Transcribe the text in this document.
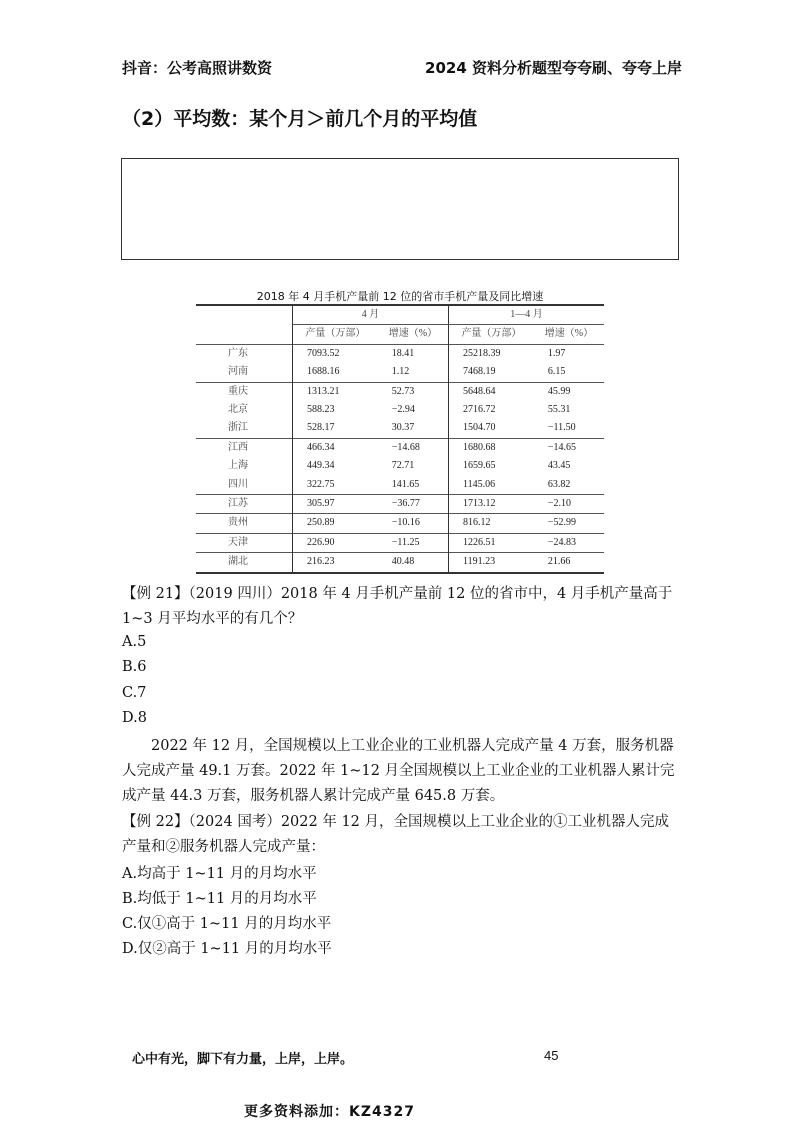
抖音：公考高照讲数资	2024 资料分析题型夸夸刷、夸夸上岸
（2）平均数：某个月＞前几个月的平均值
2018 年 4 月手机产量前 12 位的省市手机产量及同比增速
	4 月		1—4 月	
	产量（万部）	增速（%）	产量（万部）	增速（%）
广东	7093.52	18.41	25218.39	1.97
河南	1688.16	1.12	7468.19	6.15
重庆	1313.21	52.73	5648.64	45.99
北京	588.23	−2.94	2716.72	55.31
浙江	528.17	30.37	1504.70	−11.50
江西	466.34	−14.68	1680.68	−14.65
上海	449.34	72.71	1659.65	43.45
四川	322.75	141.65	1145.06	63.82
江苏	305.97	−36.77	1713.12	−2.10
贵州	250.89	−10.16	816.12	−52.99
天津	226.90	−11.25	1226.51	−24.83
湖北	216.23	40.48	1191.23	21.66
【例 21】（2019 四川）2018 年 4 月手机产量前 12 位的省市中，4 月手机产量高于 1~3 月平均水平的有几个？
A.5
B.6
C.7
D.8
2022 年 12 月，全国规模以上工业企业的工业机器人完成产量 4 万套，服务机器人完成产量 49.1 万套。2022 年 1~12 月全国规模以上工业企业的工业机器人累计完成产量 44.3 万套，服务机器人累计完成产量 645.8 万套。
【例 22】（2024 国考）2022 年 12 月，全国规模以上工业企业的①工业机器人完成产量和②服务机器人完成产量：
A.均高于 1~11 月的月均水平
B.均低于 1~11 月的月均水平
C.仅①高于 1~11 月的月均水平
D.仅②高于 1~11 月的月均水平
心中有光，脚下有力量，上岸，上岸。	45
更多资料添加：KZ4327
